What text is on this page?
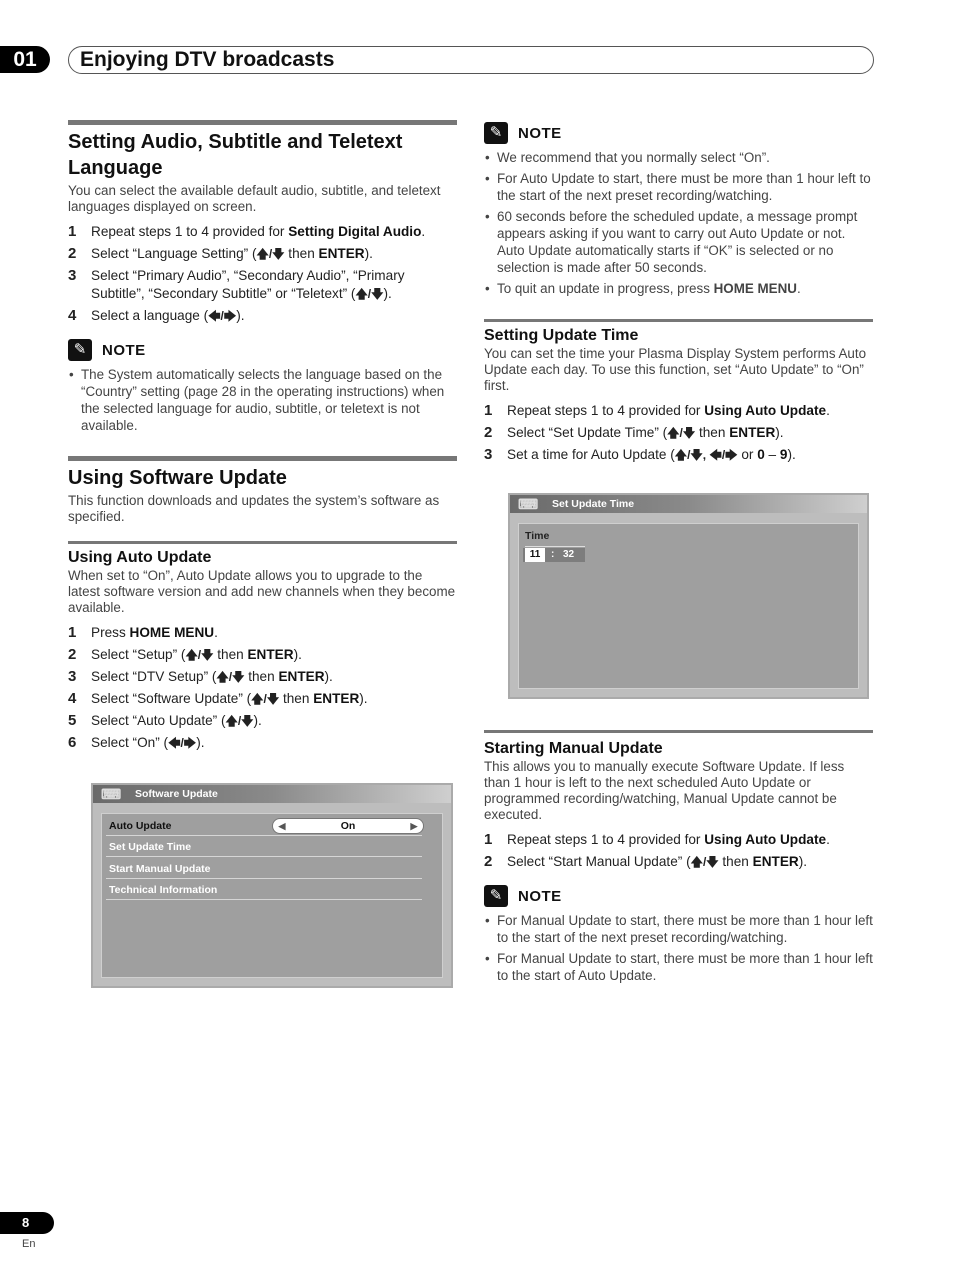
01	Enjoying DTV broadcasts
Setting Audio, Subtitle and Teletext Language

You can select the available default audio, subtitle, and teletext languages displayed on screen.

1 Repeat steps 1 to 4 provided for Setting Digital Audio.
2 Select “Language Setting” (🡅/🡇 then ENTER).
3 Select “Primary Audio”, “Secondary Audio”, “Primary Subtitle”, “Secondary Subtitle” or “Teletext” (🡅/🡇).
4 Select a language (🡄/🡆).
✎	NOTE
• The System automatically selects the language based on the “Country” setting (page 28 in the operating instructions) when the selected language for audio, subtitle, or teletext is not available.
Using Software Update

This function downloads and updates the system’s software as specified.

Using Auto Update

When set to “On”, Auto Update allows you to upgrade to the latest software version and add new channels when they become available.

1 Press HOME MENU.
2 Select “Setup” (🡅/🡇 then ENTER).
3 Select “DTV Setup” (🡅/🡇 then ENTER).
4 Select “Software Update” (🡅/🡇 then ENTER).
5 Select “Auto Update” (🡅/🡇).
6 Select “On” (🡄/🡆).
⌨	Software Update
Auto Update	◀	On	▶
Set Update Time
Start Manual Update
Technical Information
✎	NOTE
• We recommend that you normally select “On”.
• For Auto Update to start, there must be more than 1 hour left to the start of the next preset recording/watching.
• 60 seconds before the scheduled update, a message prompt appears asking if you want to carry out Auto Update or not. Auto Update automatically starts if “OK” is selected or no selection is made after 50 seconds.
• To quit an update in progress, press HOME MENU.
Setting Update Time

You can set the time your Plasma Display System performs Auto Update each day. To use this function, set “Auto Update” to “On” first.

1 Repeat steps 1 to 4 provided for Using Auto Update.
2 Select “Set Update Time” (🡅/🡇 then ENTER).
3 Set a time for Auto Update (🡅/🡇, 🡄/🡆 or 0 – 9).
⌨	Set Update Time
Time
11	: 32
Starting Manual Update

This allows you to manually execute Software Update. If less than 1 hour is left to the next scheduled Auto Update or programmed recording/watching, Manual Update cannot be executed.

1 Repeat steps 1 to 4 provided for Using Auto Update.
2 Select “Start Manual Update” (🡅/🡇 then ENTER).
✎	NOTE
• For Manual Update to start, there must be more than 1 hour left to the start of the next preset recording/watching.
• For Manual Update to start, there must be more than 1 hour left to the start of Auto Update.
8
En
